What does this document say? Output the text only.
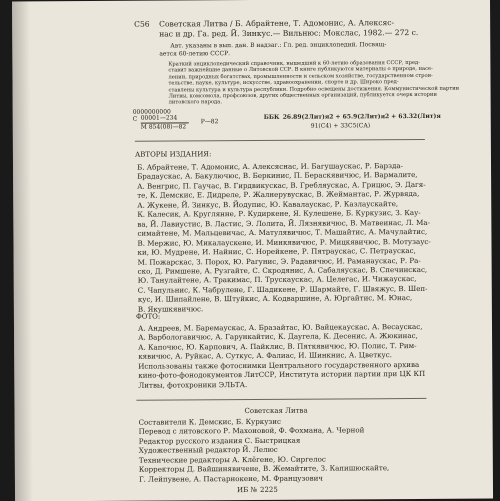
С56 Советская Литва / Б. Абрайтене, Т. Адомонис, А. Алексяс-
нас и др. Га. ред. Й. Зинкус.— Вильнюс: Мокслас, 1982.— 272 с.
Авт. указаны в вып. дан. В надзаг.: Гл. ред. энциклопедий. Посвящ-
ается 60-летию СССР.
Краткий энциклопедический справочник, вышедший к 60-летию образования СССР, пред-
ставит важнейшие данные о Литовской ССР. В книге публикуются материалы о природе, насе-
лении, природных богатствах, промышленности и сельском хозяйстве, государственном строи-
тельстве, науке, культуре, искусстве, здравоохранении, спорте и др. Широко пред-
ставлены культура и культура республики. Подробно освещены достижения. Коммунистической партии
Литвы, комсомола, профсоюзов, других общественных организаций, публикуется очерк истории
литовского народа.
0000000000
С 00001—234
М 854(08)—82
Р—82
ББК 26.89(2Лит)я2 + 65.9(2Лит)я2 + 63.32(Лит)я
91(С4) + 33С5(СА)
АВТОРЫ ИЗДАНИЯ:
Б. Абрайтене, Т. Адомонис, А. Алексяснас, И. Багушаускас, Р. Барзда-
Брадаускас, А. Бакулючюс, В. Беркинис, П. Бераскявичюс, И. Вармалите,
А. Венгрис, П. Гаучас, В. Гирдвикускас, В. Гребляускас, А. Грицюс, Э. Дагя-
те, К. Демскис, Е. Дидреле, Р. Жалнерувускас, В. Жеймантас, Р. Журвяда,
А. Жукене, Й. Зинкус, В. Йодупис, Ю. Кавалаускас, Р. Казлаускайте,
К. Калесик, А. Круглянне, Р. Кудиркене, Я. Кулешене, Б. Куркузис, З. Кау-
ва, Й. Лавиустис, В. Ластис, Э. Лолита, Й. Лязнявичюс, В. Матвеинас, Л. Ма-
симайтене, М. Мальцевичас, А. Матулявичюс, Т. Машайтис, А. Мачулайтис,
В. Мержис, Ю. Микалаускене, И. Минкявичюс, Р. Мицкявичюс, В. Мотузаус-
ки, Ю. Мудрене, И. Найнис, С. Норейкене, Р. Пятраускас, С. Петраускас,
М. Пожарскас, З. Порох, Ю. Рагунис, Э. Радавичюс, И. Раманаускас, Р. Ра-
ско, Д. Римшене, А. Рузгайте, С. Скродянис, А. Сабаляускас, В. Спечинскас,
Ю. Танулайтене, А. Тракимас, П. Трускаускас, А. Целегас, И. Чижаускас,
С. Чапульнис, К. Чабрулене, Г. Шадикене, Р. Шармайте, Г. Швяжус, В. Шеп-
кус, И. Шипайлене, В. Штуйкис, А. Кодваршине, А. Юргайтис, М. Юнас,
В. Якушкявичюс.
ФОТО:
А. Андреев, М. Баремаускас, А. Бразайтас, Ю. Вайцекаускас, А. Весаускас,
А. Варбологавичюс, А. Гарункайтис, К. Даугела, К. Десенис, А. Жюкинас,
А. Капочюс, Ю. Карпович, А. Пайклис, В. Пяткявичюс, Ю. Полис, Т. Рим-
кявичюс, А. Руйкас, А. Суткус, А. Фалиас, И. Шинкнис, А. Цветкус.
Использованы также фотоснимки Центрального государственного архива
кино-фото-фонодокументов ЛитССР, Института истории партии при ЦК КП
Литвы, фотохроники ЭЛЬТА.
Советская Литва
Составители К. Демскис, Б. Куркузис
Перевод с литовского Р. Махоновой, Ф. Фохмана, А. Черной
Редактор русского издания С. Быстрицкая
Художественный редактор Й. Лелюс
Технические редакторы А. Клёгене, Ю. Сиргелос
Корректоры Д. Вайшинявичене, В. Жемайтите, З. Капишюскайте,
Г. Лейпувене, А. Пастарнокене, М. Французович
ИБ № 2225
